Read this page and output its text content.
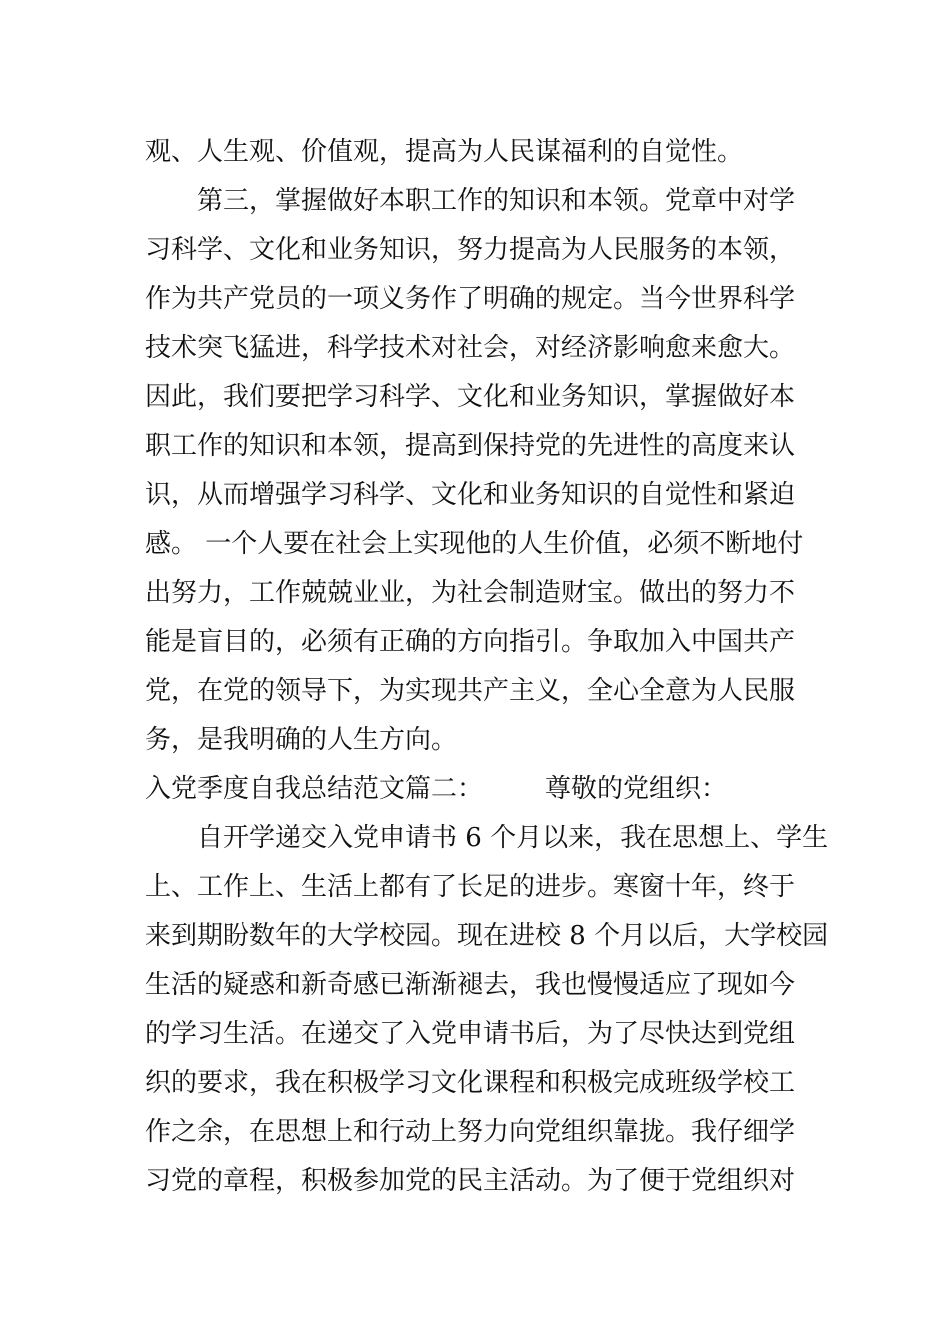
观、人生观、价值观，提高为人民谋福利的自觉性。
第三，掌握做好本职工作的知识和本领。党章中对学
习科学、文化和业务知识，努力提高为人民服务的本领，
作为共产党员的一项义务作了明确的规定。当今世界科学
技术突飞猛进，科学技术对社会，对经济影响愈来愈大。
因此，我们要把学习科学、文化和业务知识，掌握做好本
职工作的知识和本领，提高到保持党的先进性的高度来认
识，从而增强学习科学、文化和业务知识的自觉性和紧迫
感。 一个人要在社会上实现他的人生价值，必须不断地付
出努力，工作兢兢业业，为社会制造财宝。做出的努力不
能是盲目的，必须有正确的方向指引。争取加入中国共产
党，在党的领导下，为实现共产主义，全心全意为人民服
务，是我明确的人生方向。
入党季度自我总结范文篇二： 尊敬的党组织：
自开学递交入党申请书 6 个月以来，我在思想上、学生
上、工作上、生活上都有了长足的进步。寒窗十年，终于
来到期盼数年的大学校园。现在进校 8 个月以后，大学校园
生活的疑惑和新奇感已渐渐褪去，我也慢慢适应了现如今
的学习生活。在递交了入党申请书后，为了尽快达到党组
织的要求，我在积极学习文化课程和积极完成班级学校工
作之余，在思想上和行动上努力向党组织靠拢。我仔细学
习党的章程，积极参加党的民主活动。为了便于党组织对
